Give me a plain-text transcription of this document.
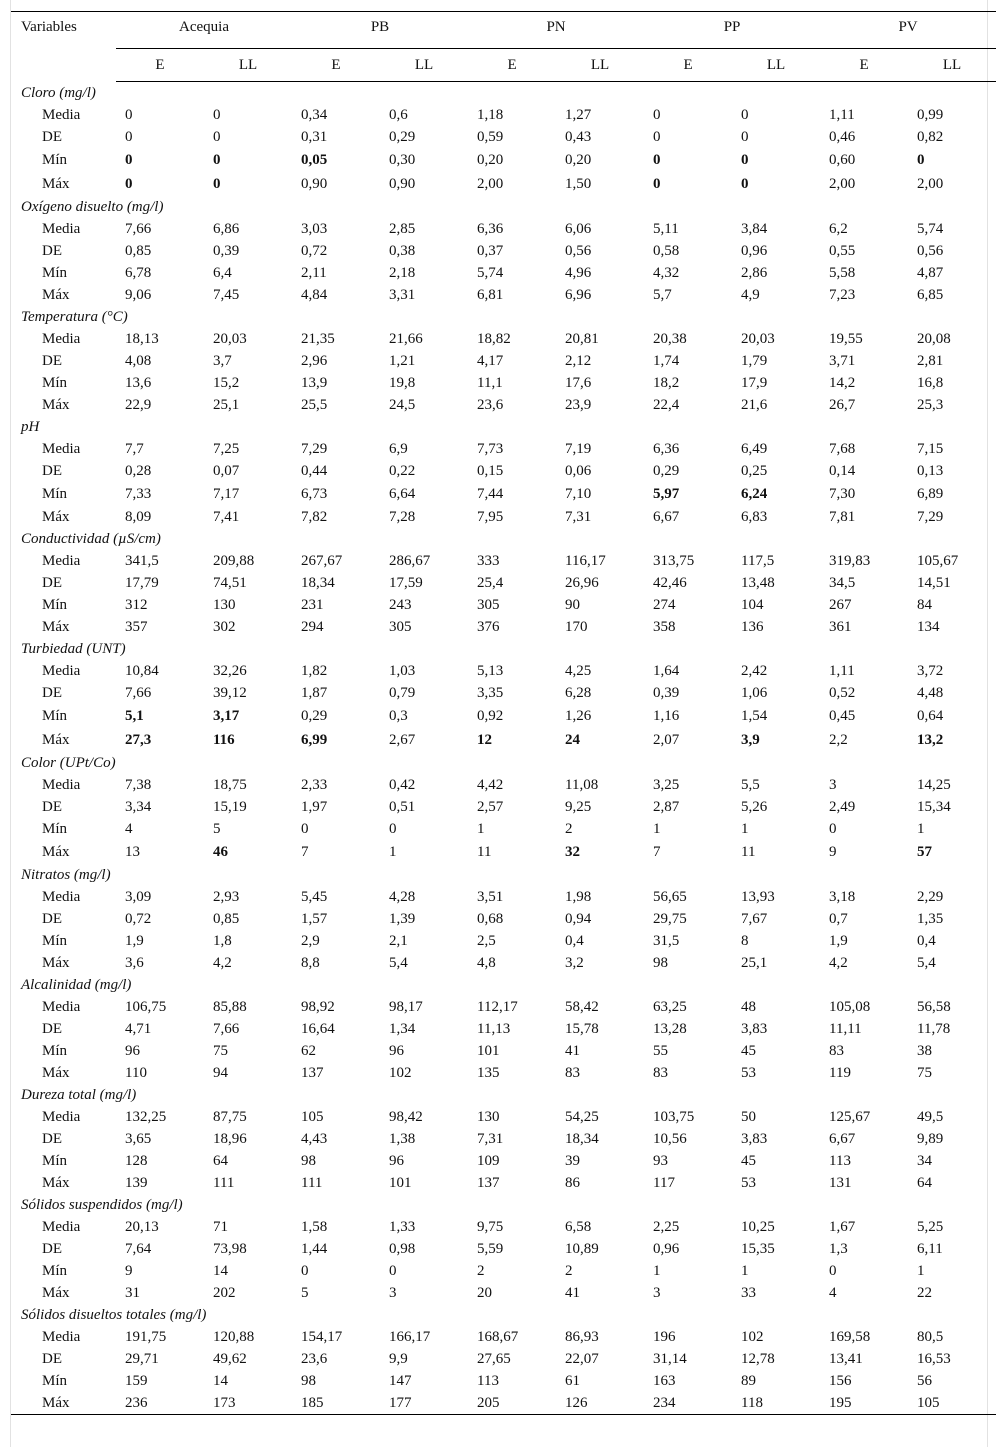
Variables	Acequia		PB		PN		PP		PV	
	E	LL	E	LL	E	LL	E	LL	E	LL
Cloro (mg/l)										
Media	0	0	0,34	0,6	1,18	1,27	0	0	1,11	0,99
DE	0	0	0,31	0,29	0,59	0,43	0	0	0,46	0,82
Mín	0	0	0,05	0,30	0,20	0,20	0	0	0,60	0
Máx	0	0	0,90	0,90	2,00	1,50	0	0	2,00	2,00
Oxígeno disuelto (mg/l)										
Media	7,66	6,86	3,03	2,85	6,36	6,06	5,11	3,84	6,2	5,74
DE	0,85	0,39	0,72	0,38	0,37	0,56	0,58	0,96	0,55	0,56
Mín	6,78	6,4	2,11	2,18	5,74	4,96	4,32	2,86	5,58	4,87
Máx	9,06	7,45	4,84	3,31	6,81	6,96	5,7	4,9	7,23	6,85
Temperatura (°C)										
Media	18,13	20,03	21,35	21,66	18,82	20,81	20,38	20,03	19,55	20,08
DE	4,08	3,7	2,96	1,21	4,17	2,12	1,74	1,79	3,71	2,81
Mín	13,6	15,2	13,9	19,8	11,1	17,6	18,2	17,9	14,2	16,8
Máx	22,9	25,1	25,5	24,5	23,6	23,9	22,4	21,6	26,7	25,3
pH										
Media	7,7	7,25	7,29	6,9	7,73	7,19	6,36	6,49	7,68	7,15
DE	0,28	0,07	0,44	0,22	0,15	0,06	0,29	0,25	0,14	0,13
Mín	7,33	7,17	6,73	6,64	7,44	7,10	5,97	6,24	7,30	6,89
Máx	8,09	7,41	7,82	7,28	7,95	7,31	6,67	6,83	7,81	7,29
Conductividad (µS/cm)										
Media	341,5	209,88	267,67	286,67	333	116,17	313,75	117,5	319,83	105,67
DE	17,79	74,51	18,34	17,59	25,4	26,96	42,46	13,48	34,5	14,51
Mín	312	130	231	243	305	90	274	104	267	84
Máx	357	302	294	305	376	170	358	136	361	134
Turbiedad (UNT)										
Media	10,84	32,26	1,82	1,03	5,13	4,25	1,64	2,42	1,11	3,72
DE	7,66	39,12	1,87	0,79	3,35	6,28	0,39	1,06	0,52	4,48
Mín	5,1	3,17	0,29	0,3	0,92	1,26	1,16	1,54	0,45	0,64
Máx	27,3	116	6,99	2,67	12	24	2,07	3,9	2,2	13,2
Color (UPt/Co)										
Media	7,38	18,75	2,33	0,42	4,42	11,08	3,25	5,5	3	14,25
DE	3,34	15,19	1,97	0,51	2,57	9,25	2,87	5,26	2,49	15,34
Mín	4	5	0	0	1	2	1	1	0	1
Máx	13	46	7	1	11	32	7	11	9	57
Nitratos (mg/l)										
Media	3,09	2,93	5,45	4,28	3,51	1,98	56,65	13,93	3,18	2,29
DE	0,72	0,85	1,57	1,39	0,68	0,94	29,75	7,67	0,7	1,35
Mín	1,9	1,8	2,9	2,1	2,5	0,4	31,5	8	1,9	0,4
Máx	3,6	4,2	8,8	5,4	4,8	3,2	98	25,1	4,2	5,4
Alcalinidad (mg/l)										
Media	106,75	85,88	98,92	98,17	112,17	58,42	63,25	48	105,08	56,58
DE	4,71	7,66	16,64	1,34	11,13	15,78	13,28	3,83	11,11	11,78
Mín	96	75	62	96	101	41	55	45	83	38
Máx	110	94	137	102	135	83	83	53	119	75
Dureza total (mg/l)										
Media	132,25	87,75	105	98,42	130	54,25	103,75	50	125,67	49,5
DE	3,65	18,96	4,43	1,38	7,31	18,34	10,56	3,83	6,67	9,89
Mín	128	64	98	96	109	39	93	45	113	34
Máx	139	111	111	101	137	86	117	53	131	64
Sólidos suspendidos (mg/l)										
Media	20,13	71	1,58	1,33	9,75	6,58	2,25	10,25	1,67	5,25
DE	7,64	73,98	1,44	0,98	5,59	10,89	0,96	15,35	1,3	6,11
Mín	9	14	0	0	2	2	1	1	0	1
Máx	31	202	5	3	20	41	3	33	4	22
Sólidos disueltos totales (mg/l)										
Media	191,75	120,88	154,17	166,17	168,67	86,93	196	102	169,58	80,5
DE	29,71	49,62	23,6	9,9	27,65	22,07	31,14	12,78	13,41	16,53
Mín	159	14	98	147	113	61	163	89	156	56
Máx	236	173	185	177	205	126	234	118	195	105
